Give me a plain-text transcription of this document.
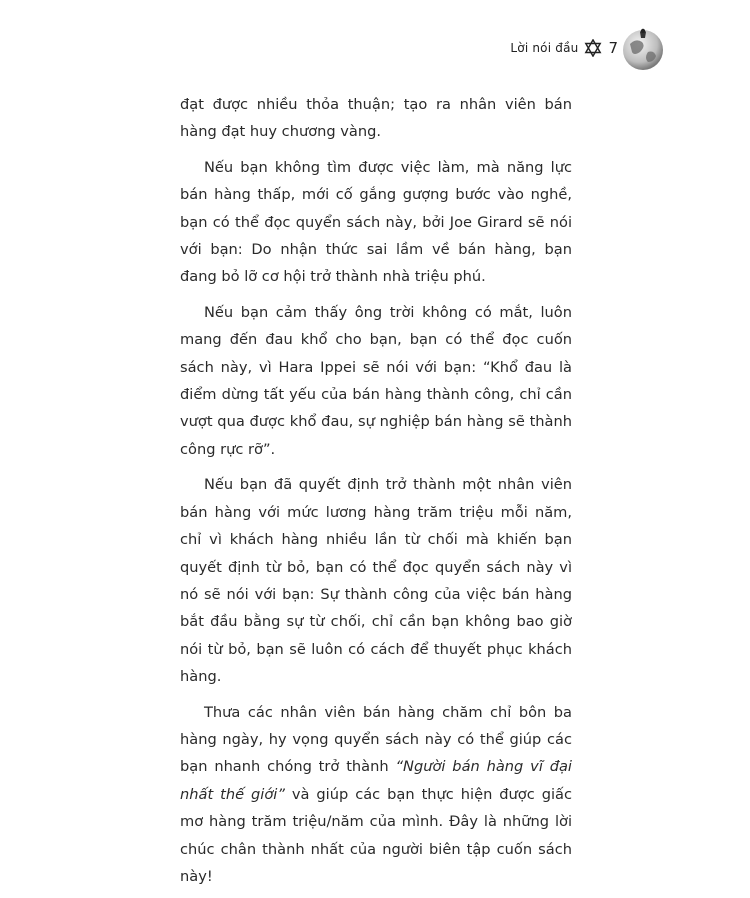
Lời nói đầu 7

đạt được nhiều thỏa thuận; tạo ra nhân viên bán hàng đạt huy chương vàng.

Nếu bạn không tìm được việc làm, mà năng lực bán hàng thấp, mới cố gắng gượng bước vào nghề, bạn có thể đọc quyển sách này, bởi Joe Girard sẽ nói với bạn: Do nhận thức sai lầm về bán hàng, bạn đang bỏ lỡ cơ hội trở thành nhà triệu phú.

Nếu bạn cảm thấy ông trời không có mắt, luôn mang đến đau khổ cho bạn, bạn có thể đọc cuốn sách này, vì Hara Ippei sẽ nói với bạn: “Khổ đau là điểm dừng tất yếu của bán hàng thành công, chỉ cần vượt qua được khổ đau, sự nghiệp bán hàng sẽ thành công rực rỡ”.

Nếu bạn đã quyết định trở thành một nhân viên bán hàng với mức lương hàng trăm triệu mỗi năm, chỉ vì khách hàng nhiều lần từ chối mà khiến bạn quyết định từ bỏ, bạn có thể đọc quyển sách này vì nó sẽ nói với bạn: Sự thành công của việc bán hàng bắt đầu bằng sự từ chối, chỉ cần bạn không bao giờ nói từ bỏ, bạn sẽ luôn có cách để thuyết phục khách hàng.

Thưa các nhân viên bán hàng chăm chỉ bôn ba hàng ngày, hy vọng quyển sách này có thể giúp các bạn nhanh chóng trở thành “Người bán hàng vĩ đại nhất thế giới” và giúp các bạn thực hiện được giấc mơ hàng trăm triệu/năm của mình. Đây là những lời chúc chân thành nhất của người biên tập cuốn sách này!
